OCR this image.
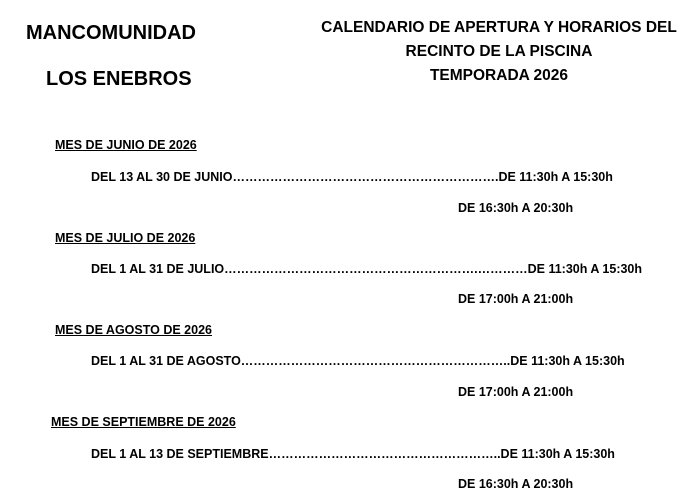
MANCOMUNIDAD
LOS ENEBROS
CALENDARIO DE APERTURA Y HORARIOS DEL
RECINTO DE LA PISCINA
TEMPORADA 2026
MES DE JUNIO DE 2026
DEL 13 AL 30 DE JUNIO……………………………………………………….DE 11:30h A 15:30h
DE 16:30h A 20:30h
MES DE JULIO DE 2026
DEL 1 AL 31 DE JULIO…………………………………………………….…………DE 11:30h A 15:30h
DE 17:00h A 21:00h
MES DE AGOSTO DE 2026
DEL 1 AL 31 DE AGOSTO………………………………………………………..DE 11:30h A 15:30h
DE 17:00h A 21:00h
MES DE SEPTIEMBRE DE 2026
DEL 1 AL 13 DE SEPTIEMBRE………………………………………………..DE 11:30h A 15:30h
DE 16:30h A 20:30h
